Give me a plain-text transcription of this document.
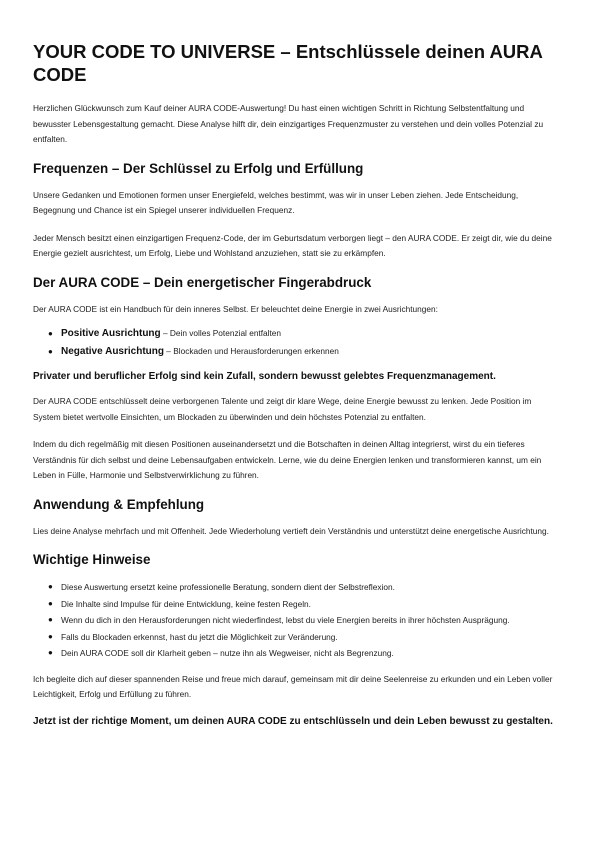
YOUR CODE TO UNIVERSE – Entschlüssele deinen AURA CODE

Herzlichen Glückwunsch zum Kauf deiner AURA CODE-Auswertung! Du hast einen wichtigen Schritt in Richtung Selbstentfaltung und bewusster Lebensgestaltung gemacht. Diese Analyse hilft dir, dein einzigartiges Frequenzmuster zu verstehen und dein volles Potenzial zu entfalten.

Frequenzen – Der Schlüssel zu Erfolg und Erfüllung

Unsere Gedanken und Emotionen formen unser Energiefeld, welches bestimmt, was wir in unser Leben ziehen. Jede Entscheidung, Begegnung und Chance ist ein Spiegel unserer individuellen Frequenz.

Jeder Mensch besitzt einen einzigartigen Frequenz-Code, der im Geburtsdatum verborgen liegt – den AURA CODE. Er zeigt dir, wie du deine Energie gezielt ausrichtest, um Erfolg, Liebe und Wohlstand anzuziehen, statt sie zu erkämpfen.

Der AURA CODE – Dein energetischer Fingerabdruck

Der AURA CODE ist ein Handbuch für dein inneres Selbst. Er beleuchtet deine Energie in zwei Ausrichtungen:

● Positive Ausrichtung – Dein volles Potenzial entfalten
● Negative Ausrichtung – Blockaden und Herausforderungen erkennen

Privater und beruflicher Erfolg sind kein Zufall, sondern bewusst gelebtes Frequenzmanagement.

Der AURA CODE entschlüsselt deine verborgenen Talente und zeigt dir klare Wege, deine Energie bewusst zu lenken. Jede Position im System bietet wertvolle Einsichten, um Blockaden zu überwinden und dein höchstes Potenzial zu entfalten.

Indem du dich regelmäßig mit diesen Positionen auseinandersetzt und die Botschaften in deinen Alltag integrierst, wirst du ein tieferes Verständnis für dich selbst und deine Lebensaufgaben entwickeln. Lerne, wie du deine Energien lenken und transformieren kannst, um ein Leben in Fülle, Harmonie und Selbstverwirklichung zu führen.

Anwendung & Empfehlung

Lies deine Analyse mehrfach und mit Offenheit. Jede Wiederholung vertieft dein Verständnis und unterstützt deine energetische Ausrichtung.

Wichtige Hinweise
● Diese Auswertung ersetzt keine professionelle Beratung, sondern dient der Selbstreflexion.
● Die Inhalte sind Impulse für deine Entwicklung, keine festen Regeln.
● Wenn du dich in den Herausforderungen nicht wiederfindest, lebst du viele Energien bereits in ihrer höchsten Ausprägung.
● Falls du Blockaden erkennst, hast du jetzt die Möglichkeit zur Veränderung.
● Dein AURA CODE soll dir Klarheit geben – nutze ihn als Wegweiser, nicht als Begrenzung.

Ich begleite dich auf dieser spannenden Reise und freue mich darauf, gemeinsam mit dir deine Seelenreise zu erkunden und ein Leben voller Leichtigkeit, Erfolg und Erfüllung zu führen.

Jetzt ist der richtige Moment, um deinen AURA CODE zu entschlüsseln und dein Leben bewusst zu gestalten.
